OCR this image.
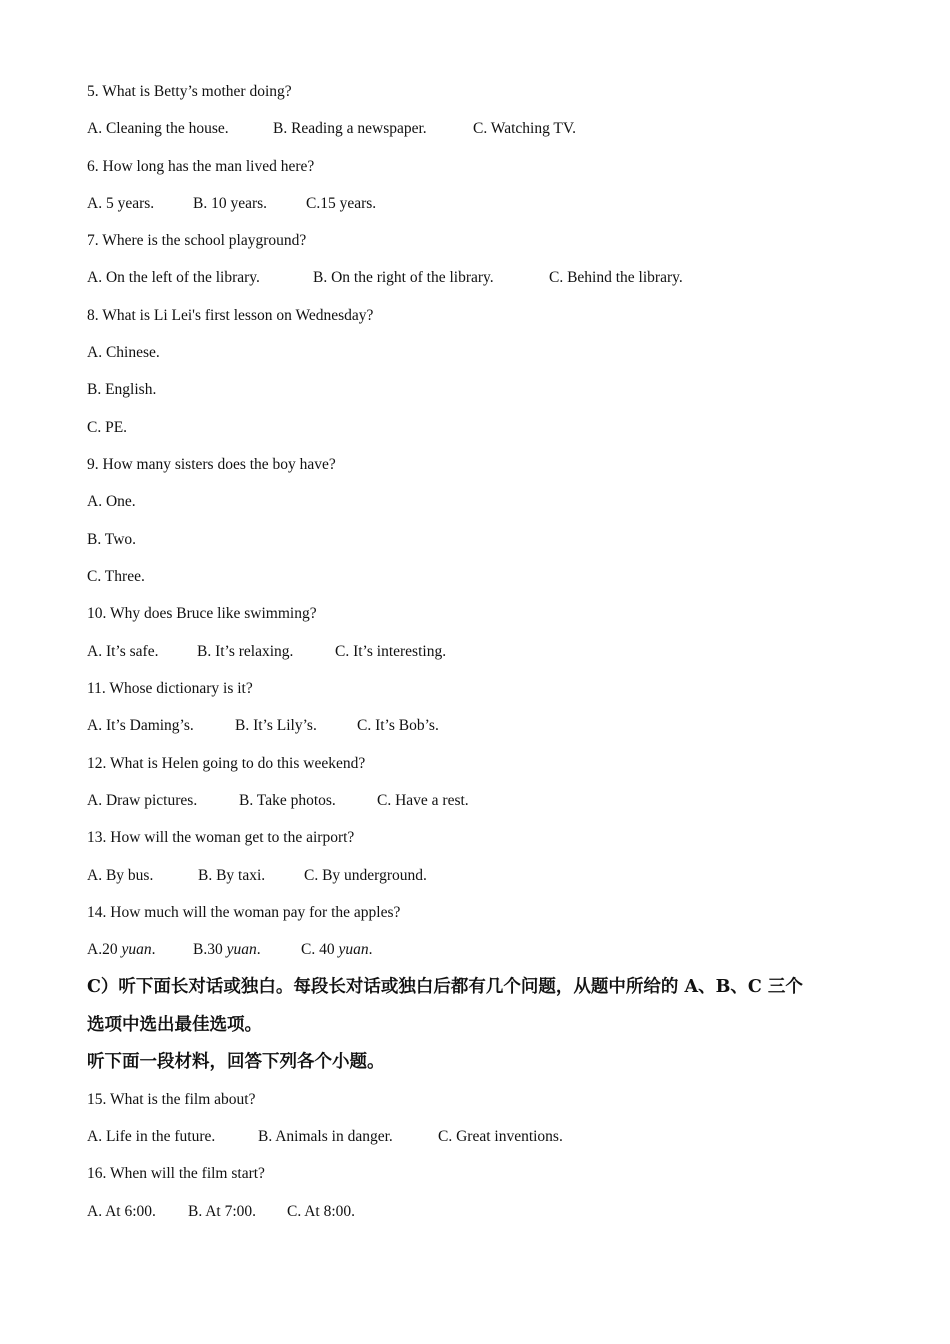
5. What is Betty’s mother doing?
A. Cleaning the house.	B. Reading a newspaper.	C. Watching TV.
6. How long has the man lived here?
A. 5 years.	B. 10 years.	C.15 years.
7. Where is the school playground?
A. On the left of the library.	B. On the right of the library.	C. Behind the library.
8. What is Li Lei's first lesson on Wednesday?
A. Chinese.
B. English.
C. PE.
9. How many sisters does the boy have?
A. One.
B. Two.
C. Three.
10. Why does Bruce like swimming?
A. It’s safe. B. It’s relaxing.	C. It’s interesting.
11. Whose dictionary is it?
A. It’s Daming’s.	B. It’s Lily’s.	C. It’s Bob’s.
12. What is Helen going to do this weekend?
A. Draw pictures.	B. Take photos.	C. Have a rest.
13. How will the woman get to the airport?
A. By bus.	B. By taxi.	C. By underground.
14. How much will the woman pay for the apples?
A.20 yuan. B.30 yuan.	C. 40 yuan.
C）听下面长对话或独白。每段长对话或独白后都有几个问题，从题中所给的 A、B、C 三个
选项中选出最佳选项。
听下面一段材料，回答下列各个小题。
15. What is the film about?
A. Life in the future.	B. Animals in danger.	C. Great inventions.
16. When will the film start?
A. At 6:00. B. At 7:00. C. At 8:00.
